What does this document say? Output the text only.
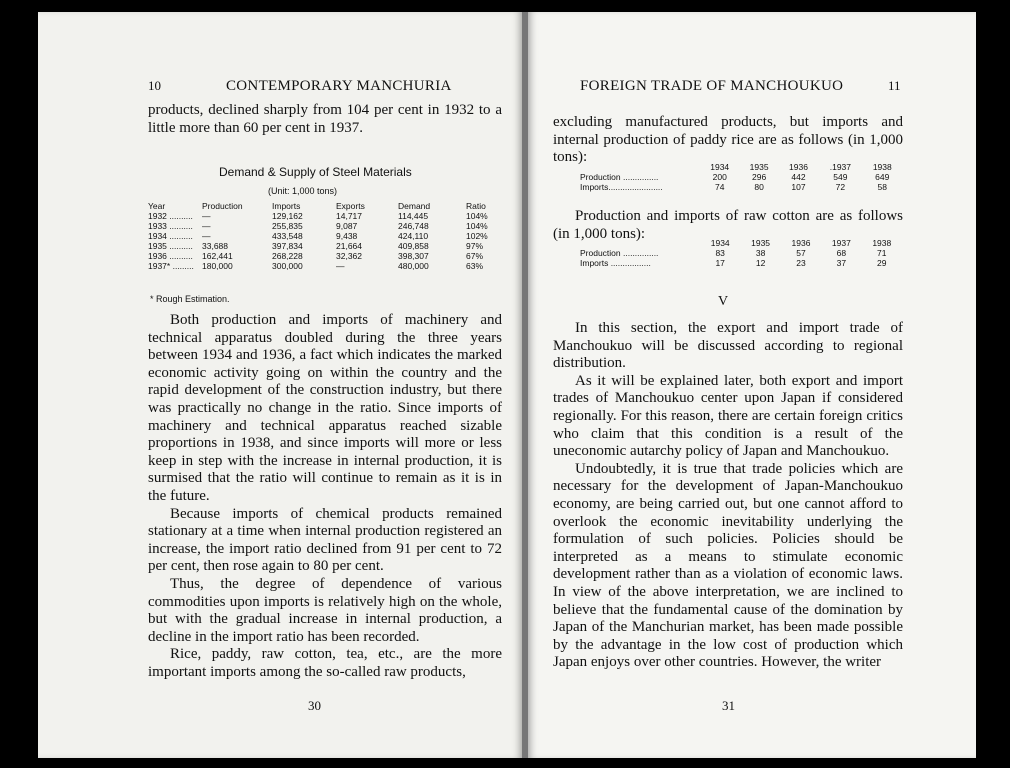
10	CONTEMPORARY MANCHURIA
products, declined sharply from 104 per cent in 1932 to a little more than 60 per cent in 1937.
Demand & Supply of Steel Materials
(Unit: 1,000 tons)
Year	Production	Imports	Exports	Demand	Ratio
1932 ..........	—	129,162	14,717	114,445	104%
1933 ..........	—	255,835	9,087	246,748	104%
1934 ..........	—	433,548	9,438	424,110	102%
1935 ..........	33,688	397,834	21,664	409,858	97%
1936 ..........	162,441	268,228	32,362	398,307	67%
1937* .........	180,000	300,000	—	480,000	63%
* Rough Estimation.

Both production and imports of machinery and technical apparatus doubled during the three years between 1934 and 1936, a fact which indicates the marked economic activity going on within the country and the rapid development of the construction industry, but there was practically no change in the ratio. Since imports of machinery and technical apparatus reached sizable proportions in 1938, and since imports will more or less keep in step with the increase in internal production, it is surmised that the ratio will continue to remain as it is in the future.

Because imports of chemical products remained stationary at a time when internal production registered an increase, the import ratio declined from 91 per cent to 72 per cent, then rose again to 80 per cent.

Thus, the degree of dependence of various commodities upon imports is relatively high on the whole, but with the gradual increase in internal production, a decline in the import ratio has been recorded.

Rice, paddy, raw cotton, tea, etc., are the more important imports among the so-called raw products,

30
FOREIGN TRADE OF MANCHOUKUO	11
excluding manufactured products, but imports and internal production of paddy rice are as follows (in 1,000 tons):
	1934	1935	1936	.1937	1938
Production ...............	200	296	442	549	649
Imports.......................	74	80	107	72	58

Production and imports of raw cotton are as follows (in 1,000 tons):

	1934	1935	1936	1937	1938
Production ...............	83	38	57	68	71
Imports .................	17	12	23	37	29
V

In this section, the export and import trade of Manchoukuo will be discussed according to regional distribution.

As it will be explained later, both export and import trades of Manchoukuo center upon Japan if considered regionally. For this reason, there are certain foreign critics who claim that this condition is a result of the uneconomic autarchy policy of Japan and Manchoukuo.

Undoubtedly, it is true that trade policies which are necessary for the development of Japan-Manchoukuo economy, are being carried out, but one cannot afford to overlook the economic inevitability underlying the formulation of such policies. Policies should be interpreted as a means to stimulate economic development rather than as a violation of economic laws. In view of the above interpretation, we are inclined to believe that the fundamental cause of the domination by Japan of the Manchurian market, has been made possible by the advantage in the low cost of production which Japan enjoys over other countries. However, the writer

31
